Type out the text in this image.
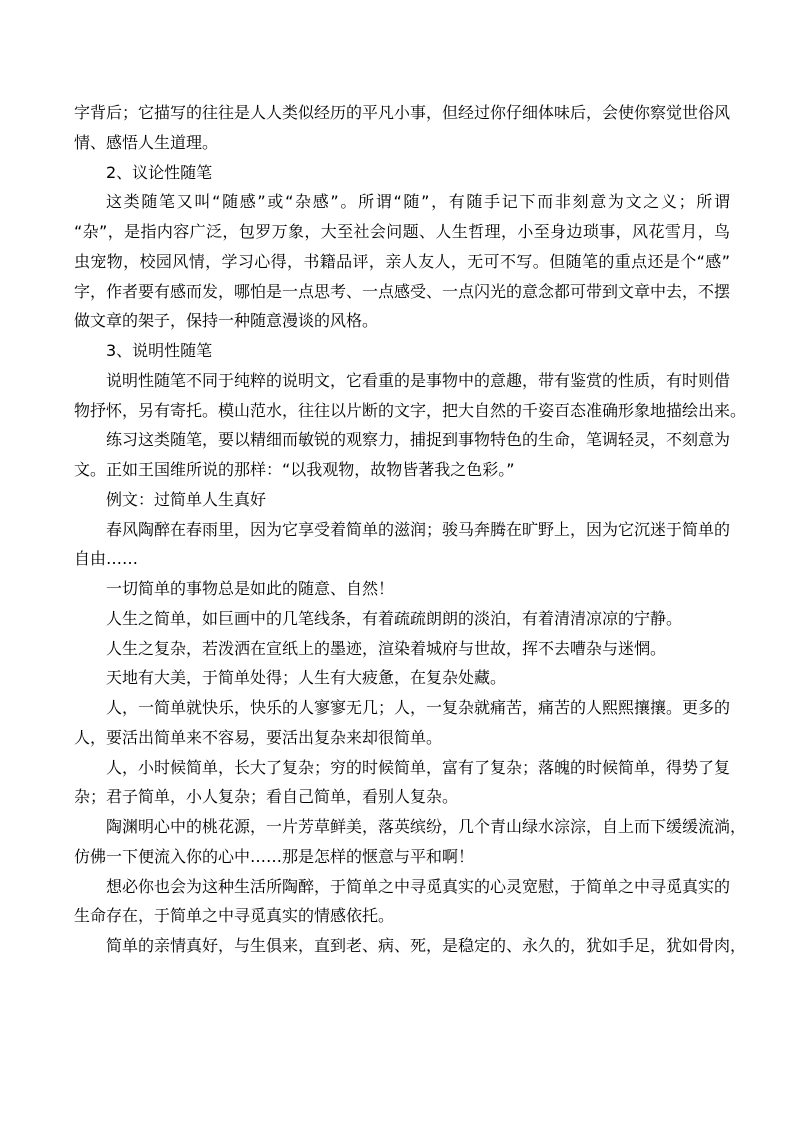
字背后；它描写的往往是人人类似经历的平凡小事，但经过你仔细体味后，会使你察觉世俗风
情、感悟人生道理。
2、议论性随笔
这类随笔又叫“随感”或“杂感”。所谓“随”，有随手记下而非刻意为文之义；所谓
“杂”，是指内容广泛，包罗万象，大至社会问题、人生哲理，小至身边琐事，风花雪月，鸟
虫宠物，校园风情，学习心得，书籍品评，亲人友人，无可不写。但随笔的重点还是个“感”
字，作者要有感而发，哪怕是一点思考、一点感受、一点闪光的意念都可带到文章中去，不摆
做文章的架子，保持一种随意漫谈的风格。
3、说明性随笔
说明性随笔不同于纯粹的说明文，它看重的是事物中的意趣，带有鉴赏的性质，有时则借
物抒怀，另有寄托。模山范水，往往以片断的文字，把大自然的千姿百态准确形象地描绘出来。
练习这类随笔，要以精细而敏锐的观察力，捕捉到事物特色的生命，笔调轻灵，不刻意为
文。正如王国维所说的那样：“以我观物，故物皆著我之色彩。”
例文：过简单人生真好
春风陶醉在春雨里，因为它享受着简单的滋润；骏马奔腾在旷野上，因为它沉迷于简单的
自由……
一切简单的事物总是如此的随意、自然！
人生之简单，如巨画中的几笔线条，有着疏疏朗朗的淡泊，有着清清凉凉的宁静。
人生之复杂，若泼洒在宣纸上的墨迹，渲染着城府与世故，挥不去嘈杂与迷惘。
天地有大美，于简单处得；人生有大疲惫，在复杂处藏。
人，一简单就快乐，快乐的人寥寥无几；人，一复杂就痛苦，痛苦的人熙熙攘攘。更多的
人，要活出简单来不容易，要活出复杂来却很简单。
人，小时候简单，长大了复杂；穷的时候简单，富有了复杂；落魄的时候简单，得势了复
杂；君子简单，小人复杂；看自己简单，看别人复杂。
陶渊明心中的桃花源，一片芳草鲜美，落英缤纷，几个青山绿水淙淙，自上而下缓缓流淌，
仿佛一下便流入你的心中……那是怎样的惬意与平和啊！
想必你也会为这种生活所陶醉，于简单之中寻觅真实的心灵宽慰，于简单之中寻觅真实的
生命存在，于简单之中寻觅真实的情感依托。
简单的亲情真好，与生俱来，直到老、病、死，是稳定的、永久的，犹如手足，犹如骨肉，
